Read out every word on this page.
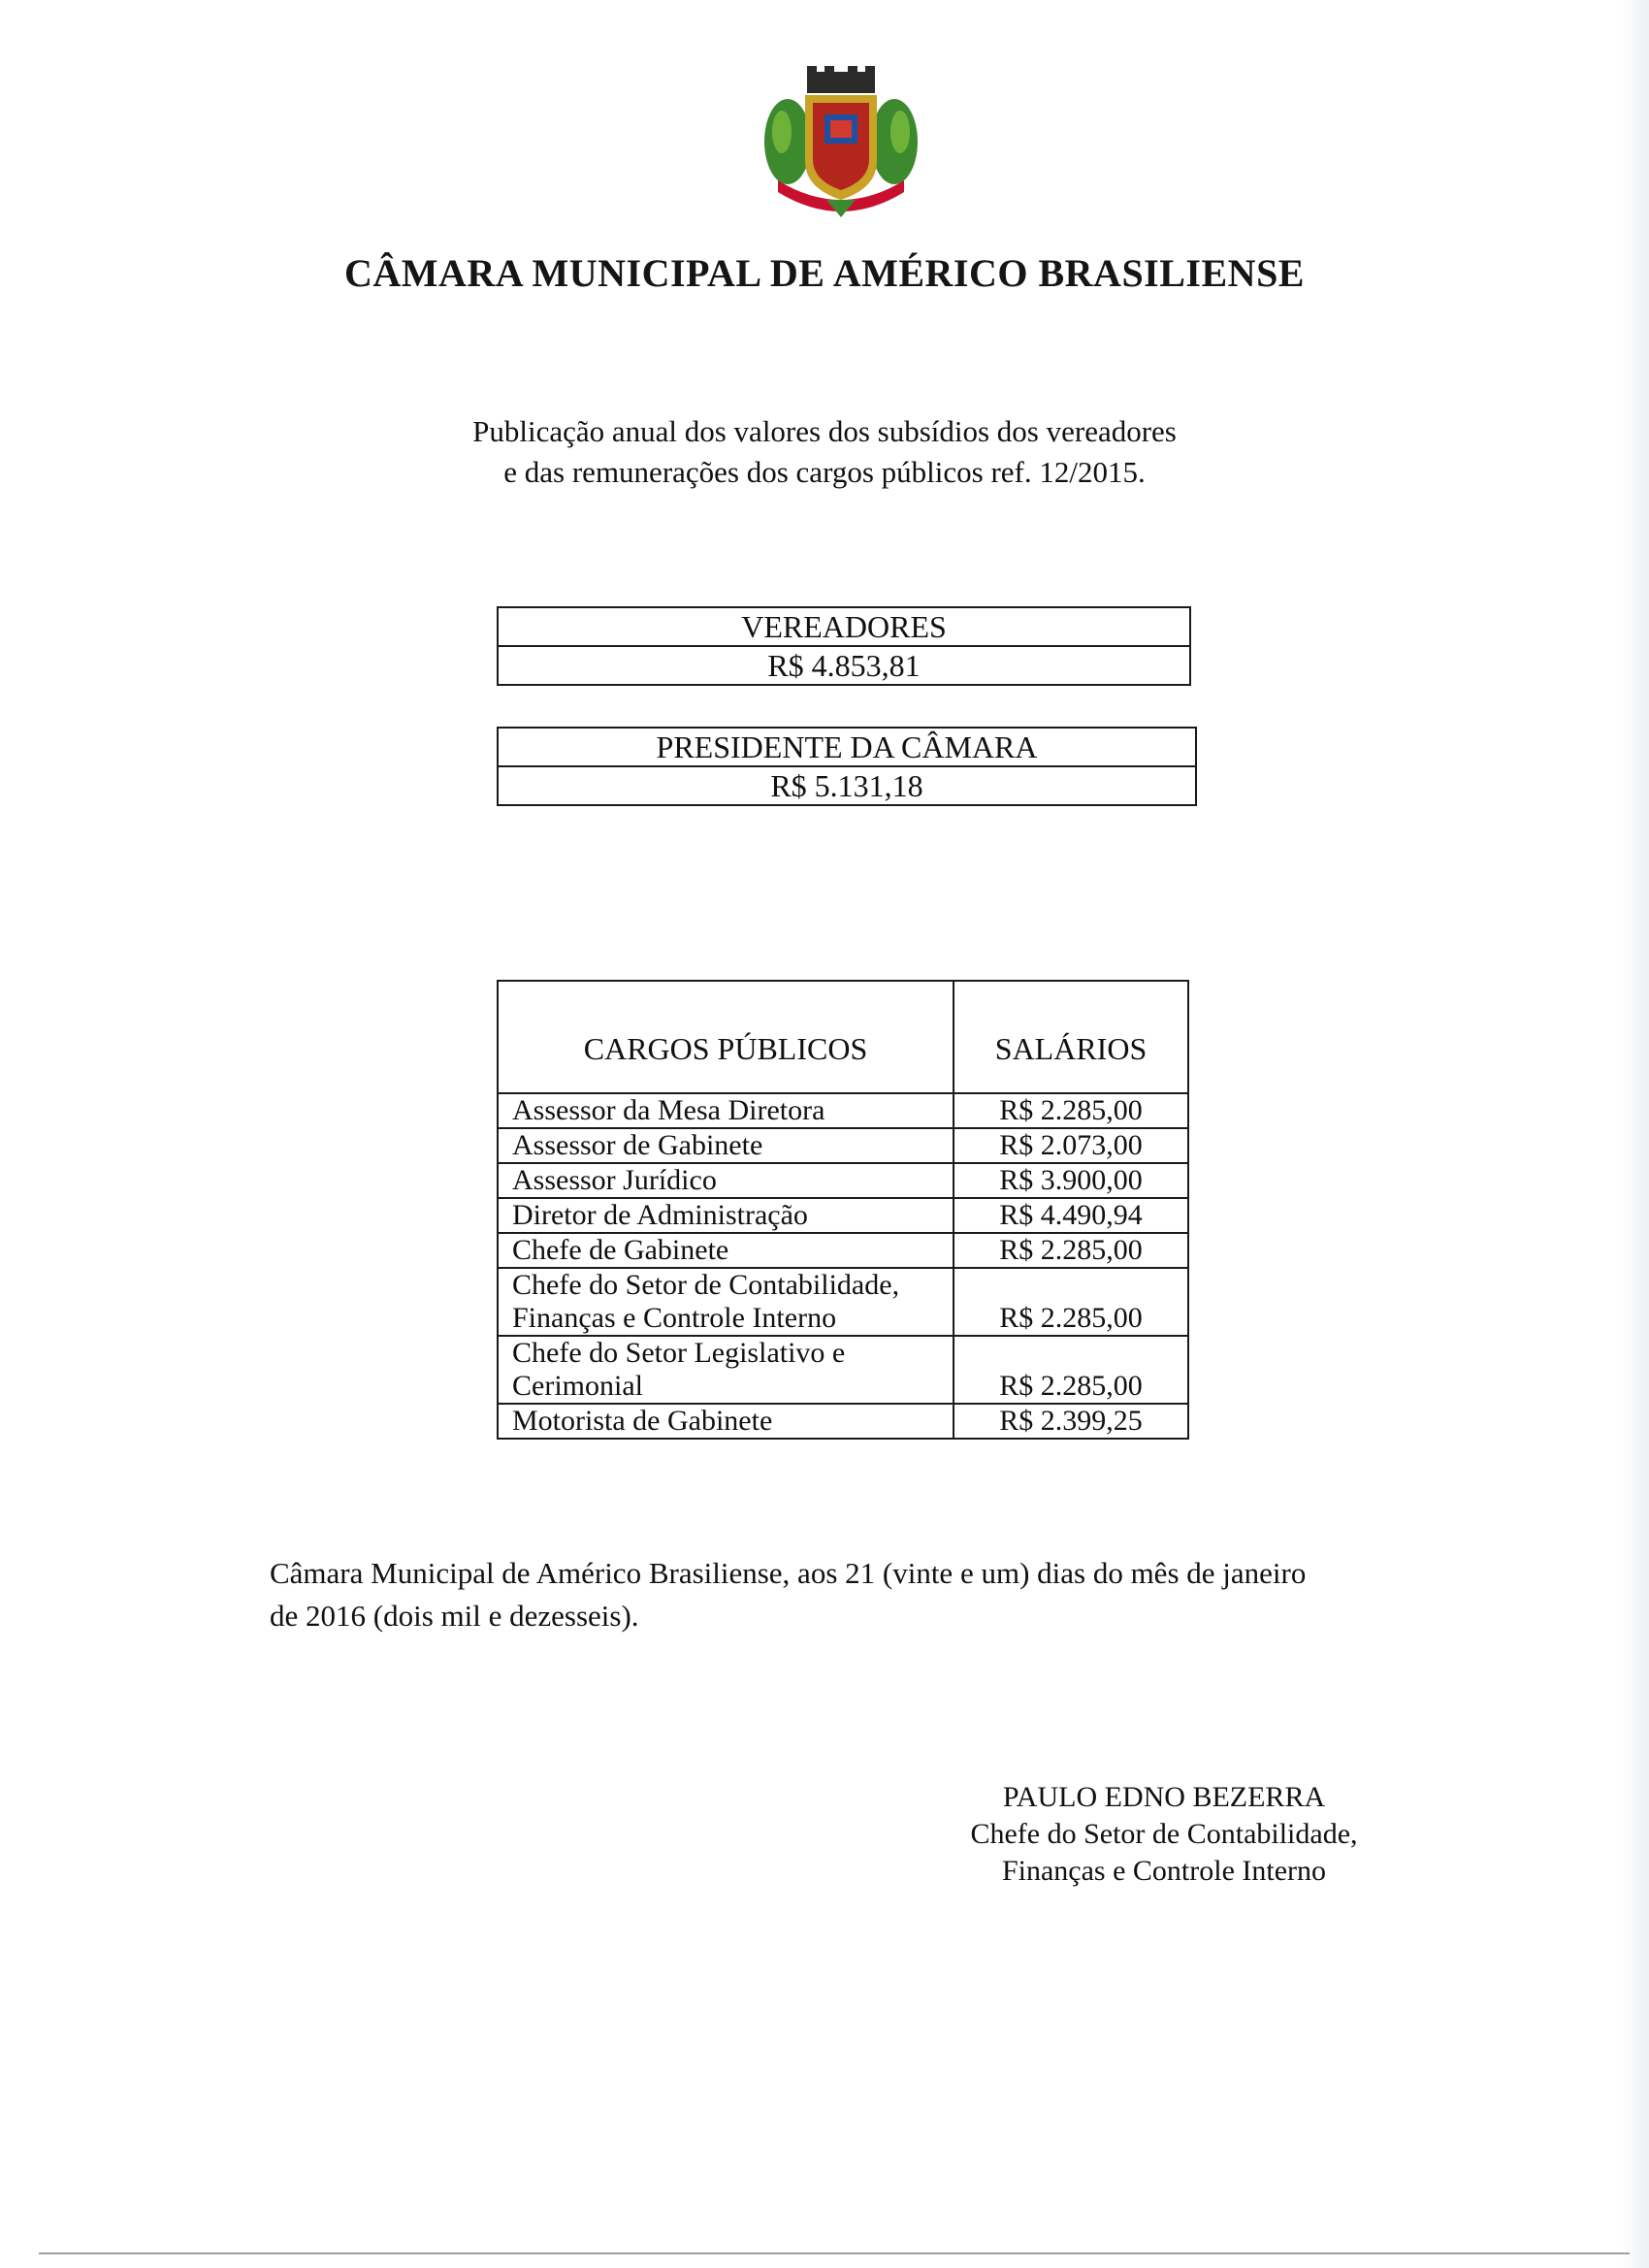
CÂMARA MUNICIPAL DE AMÉRICO BRASILIENSE
Publicação anual dos valores dos subsídios dos vereadores
e das remunerações dos cargos públicos ref. 12/2015.
VEREADORES
R$ 4.853,81
PRESIDENTE DA CÂMARA
R$ 5.131,18
CARGOS PÚBLICOS	SALÁRIOS
Assessor da Mesa Diretora	R$ 2.285,00
Assessor de Gabinete	R$ 2.073,00
Assessor Jurídico	R$ 3.900,00
Diretor de Administração	R$ 4.490,94
Chefe de Gabinete	R$ 2.285,00

Chefe do Setor de Contabilidade,
Finanças e Controle Interno	R$ 2.285,00

Chefe do Setor Legislativo e
Cerimonial	R$ 2.285,00
Motorista de Gabinete	R$ 2.399,25
Câmara Municipal de Américo Brasiliense, aos 21 (vinte e um) dias do mês de janeiro
de 2016 (dois mil e dezesseis).
PAULO EDNO BEZERRA
Chefe do Setor de Contabilidade,
Finanças e Controle Interno
